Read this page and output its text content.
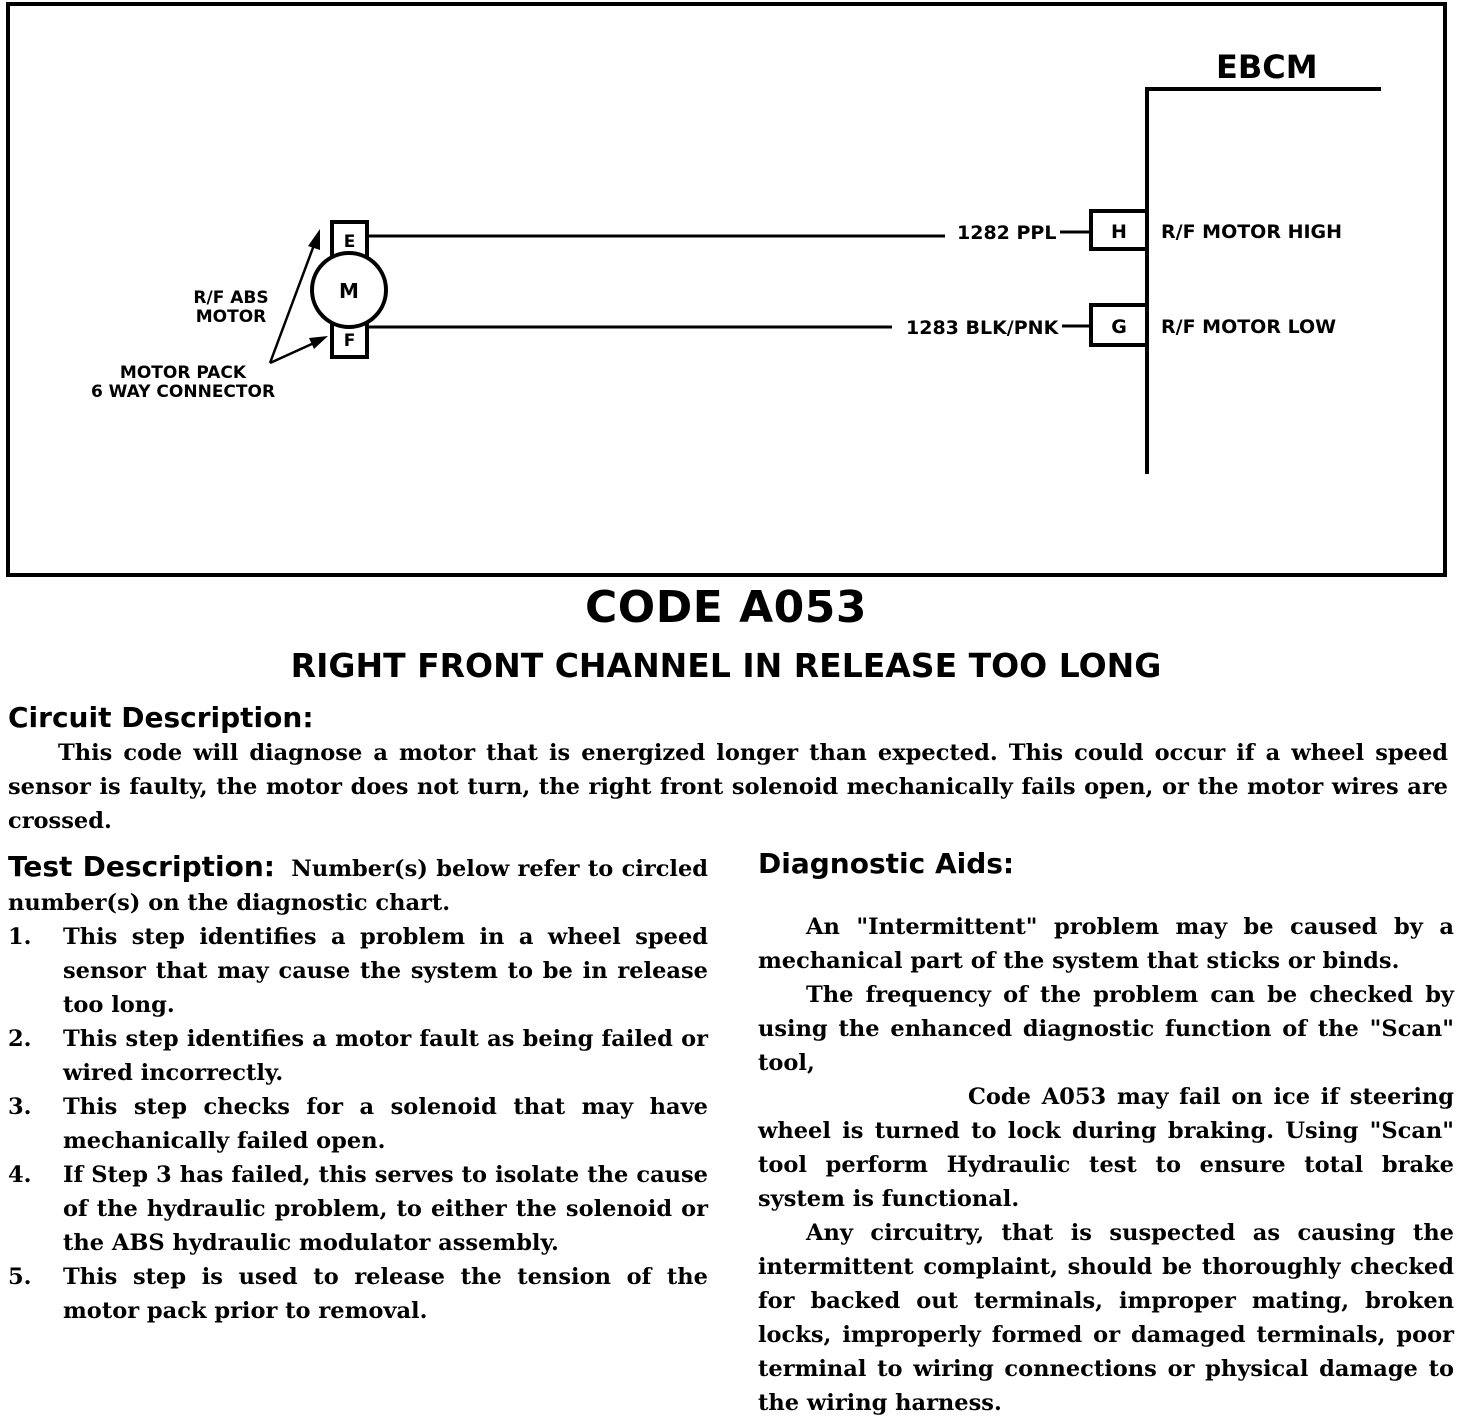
EBCM
E
F
M
1282 PPL
1283 BLK/PNK
H
G
R/F MOTOR HIGH
R/F MOTOR LOW
R/F ABS
MOTOR
MOTOR PACK
6 WAY CONNECTOR
CODE A053
RIGHT FRONT CHANNEL IN RELEASE TOO LONG
Circuit Description:

This code will diagnose a motor that is energized longer than expected. This could occur if a wheel speed sensor is faulty, the motor does not turn, the right front solenoid mechanically fails open, or the motor wires are crossed.

Test Description: Number(s) below refer to circled number(s) on the diagnostic chart.

1. This step identifies a problem in a wheel speed sensor that may cause the system to be in release too long.
2. This step identifies a motor fault as being failed or wired incorrectly.
3. This step checks for a solenoid that may have mechanically failed open.
4. If Step 3 has failed, this serves to isolate the cause of the hydraulic problem, to either the solenoid or the ABS hydraulic modulator assembly.
5. This step is used to release the tension of the motor pack prior to removal.
Diagnostic Aids:

An "Intermittent" problem may be caused by a mechanical part of the system that sticks or binds.

The frequency of the problem can be checked by using the enhanced diagnostic function of the "Scan" tool,

Code A053 may fail on ice if steering wheel is turned to lock during braking. Using "Scan" tool perform Hydraulic test to ensure total brake system is functional.

Any circuitry, that is suspected as causing the intermittent complaint, should be thoroughly checked for backed out terminals, improper mating, broken locks, improperly formed or damaged terminals, poor terminal to wiring connections or physical damage to the wiring harness.
